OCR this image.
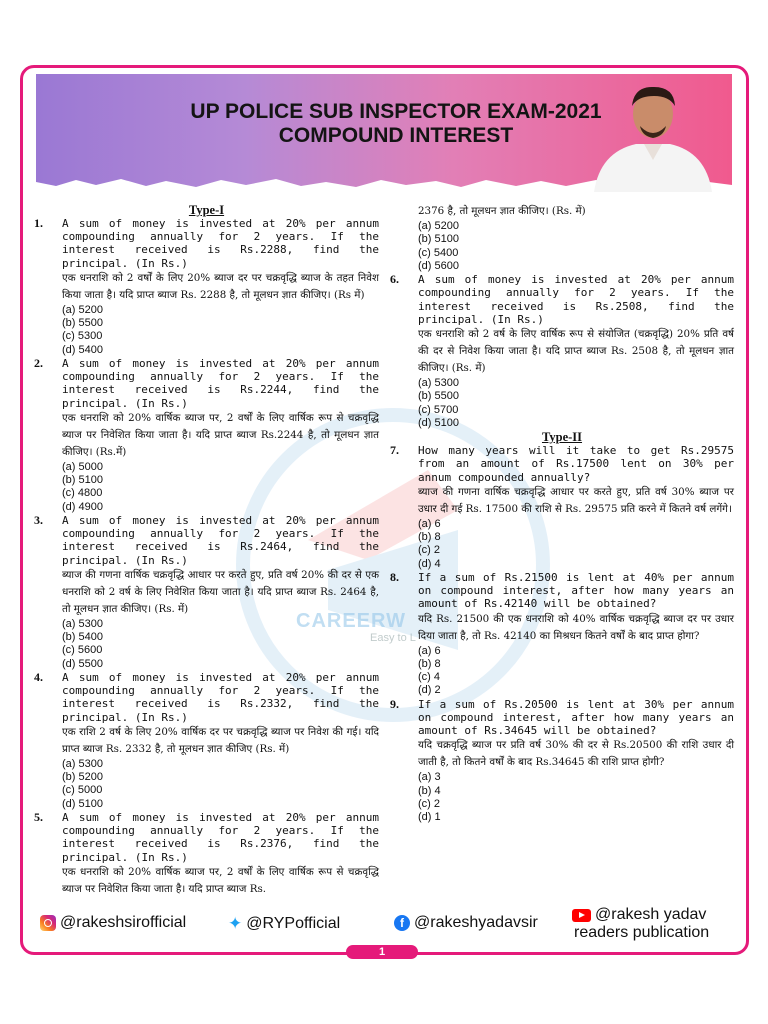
UP POLICE SUB INSPECTOR EXAM-2021
COMPOUND INTEREST
CAREERW
Easy to L
Type-I
1.	A sum of money is invested at 20% per annum compounding annually for 2 years. If the interest received is Rs.2288, find the principal. (In Rs.)
एक धनराशि को 2 वर्षों के लिए 20% ब्याज दर पर चक्रवृद्धि ब्याज के तहत निवेश किया जाता है। यदि प्राप्त ब्याज Rs. 2288 है, तो मूलधन ज्ञात कीजिए। (Rs में)
(a) 5200
(b) 5500
(c) 5300
(d) 5400
2.	A sum of money is invested at 20% per annum compounding annually for 2 years. If the interest received is Rs.2244, find the principal. (In Rs.)
एक धनराशि को 20% वार्षिक ब्याज पर, 2 वर्षों के लिए वार्षिक रूप से चक्रवृद्धि ब्याज पर निवेशित किया जाता है। यदि प्राप्त ब्याज Rs.2244 है, तो मूलधन ज्ञात कीजिए। (Rs.में)
(a) 5000
(b) 5100
(c) 4800
(d) 4900
3.	A sum of money is invested at 20% per annum compounding annually for 2 years. If the interest received is Rs.2464, find the principal. (In Rs.)
ब्याज की गणना वार्षिक चक्रवृद्धि आधार पर करते हुए, प्रति वर्ष 20% की दर से एक धनराशि को 2 वर्ष के लिए निवेशित किया जाता है। यदि प्राप्त ब्याज Rs. 2464 है, तो मूलधन ज्ञात कीजिए। (Rs. में)
(a) 5300
(b) 5400
(c) 5600
(d) 5500
4.	A sum of money is invested at 20% per annum compounding annually for 2 years. If the interest received is Rs.2332, find the principal. (In Rs.)
एक राशि 2 वर्ष के लिए 20% वार्षिक दर पर चक्रवृद्धि ब्याज पर निवेश की गई। यदि प्राप्त ब्याज Rs. 2332 है, तो मूलधन ज्ञात कीजिए (Rs. में)
(a) 5300
(b) 5200
(c) 5000
(d) 5100
5.	A sum of money is invested at 20% per annum compounding annually for 2 years. If the interest received is Rs.2376, find the principal. (In Rs.)
एक धनराशि को 20% वार्षिक ब्याज पर, 2 वर्षों के लिए वार्षिक रूप से चक्रवृद्धि ब्याज पर निवेशित किया जाता है। यदि प्राप्त ब्याज Rs.
2376 है, तो मूलधन ज्ञात कीजिए। (Rs. में)
(a) 5200
(b) 5100
(c) 5400
(d) 5600
6.	A sum of money is invested at 20% per annum compounding annually for 2 years. If the interest received is Rs.2508, find the principal. (In Rs.)
एक धनराशि को 2 वर्ष के लिए वार्षिक रूप से संयोजित (चक्रवृद्धि) 20% प्रति वर्ष की दर से निवेश किया जाता है। यदि प्राप्त ब्याज Rs. 2508 है, तो मूलधन ज्ञात कीजिए। (Rs. में)
(a) 5300
(b) 5500
(c) 5700
(d) 5100
Type-II
7.	How many years will it take to get Rs.29575 from an amount of Rs.17500 lent on 30% per annum compounded annually?
ब्याज की गणना वार्षिक चक्रवृद्धि आधार पर करते हुए, प्रति वर्ष 30% ब्याज पर उधार दी गई Rs. 17500 की राशि से Rs. 29575 प्रति करने में कितने वर्ष लगेंगे।
(a) 6
(b) 8
(c) 2
(d) 4
8.	If a sum of Rs.21500 is lent at 40% per annum on compound interest, after how many years an amount of Rs.42140 will be obtained?
यदि Rs. 21500 की एक धनराशि को 40% वार्षिक चक्रवृद्धि ब्याज दर पर उधार दिया जाता है, तो Rs. 42140 का मिश्रधन कितने वर्षों के बाद प्राप्त होगा?
(a) 6
(b) 8
(c) 4
(d) 2
9.	If a sum of Rs.20500 is lent at 30% per annum on compound interest, after how many years an amount of Rs.34645 will be obtained?
यदि चक्रवृद्धि ब्याज पर प्रति वर्ष 30% की दर से Rs.20500 की राशि उधार दी जाती है, तो कितने वर्षों के बाद Rs.34645 की राशि प्राप्त होगी?
(a) 3
(b) 4
(c) 2
(d) 1
@rakeshsirofficial ✦ @RYPofficial	f @rakeshyadavsir	@rakesh yadav
readers publication
1
